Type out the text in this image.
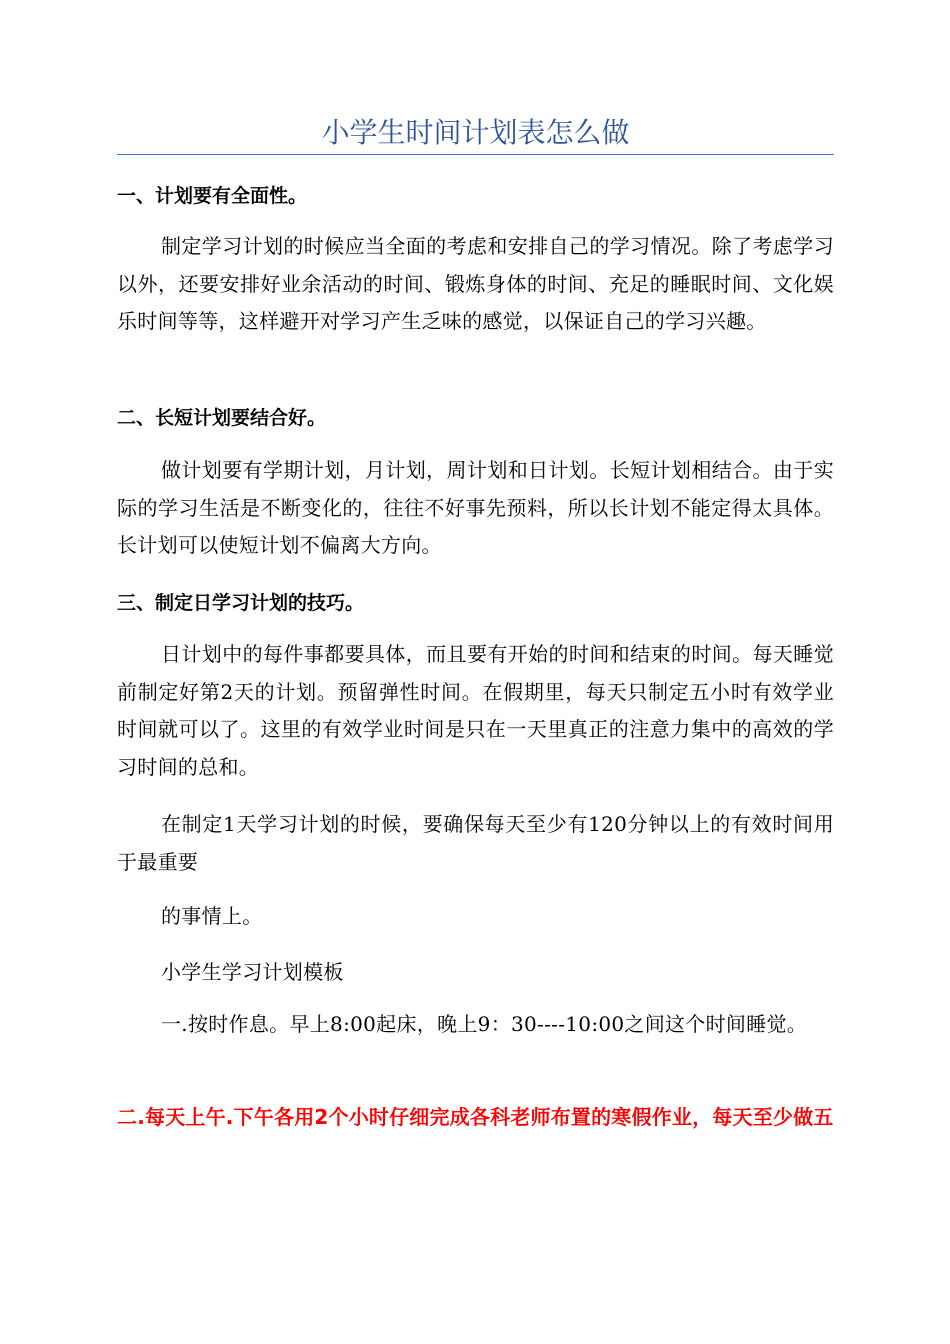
小学生时间计划表怎么做

一、计划要有全面性。

制定学习计划的时候应当全面的考虑和安排自己的学习情况。除了考虑学习以外，还要安排好业余活动的时间、锻炼身体的时间、充足的睡眠时间、文化娱乐时间等等，这样避开对学习产生乏味的感觉，以保证自己的学习兴趣。

二、长短计划要结合好。

做计划要有学期计划，月计划，周计划和日计划。长短计划相结合。由于实际的学习生活是不断变化的，往往不好事先预料，所以长计划不能定得太具体。长计划可以使短计划不偏离大方向。

三、制定日学习计划的技巧。

日计划中的每件事都要具体，而且要有开始的时间和结束的时间。每天睡觉前制定好第2天的计划。预留弹性时间。在假期里，每天只制定五小时有效学业时间就可以了。这里的有效学业时间是只在一天里真正的注意力集中的高效的学习时间的总和。

在制定1天学习计划的时候，要确保每天至少有120分钟以上的有效时间用于最重要

的事情上。

小学生学习计划模板

一.按时作息。早上8:00起床，晚上9：30----10:00之间这个时间睡觉。

二.每天上午.下午各用2个小时仔细完成各科老师布置的寒假作业，每天至少做五
